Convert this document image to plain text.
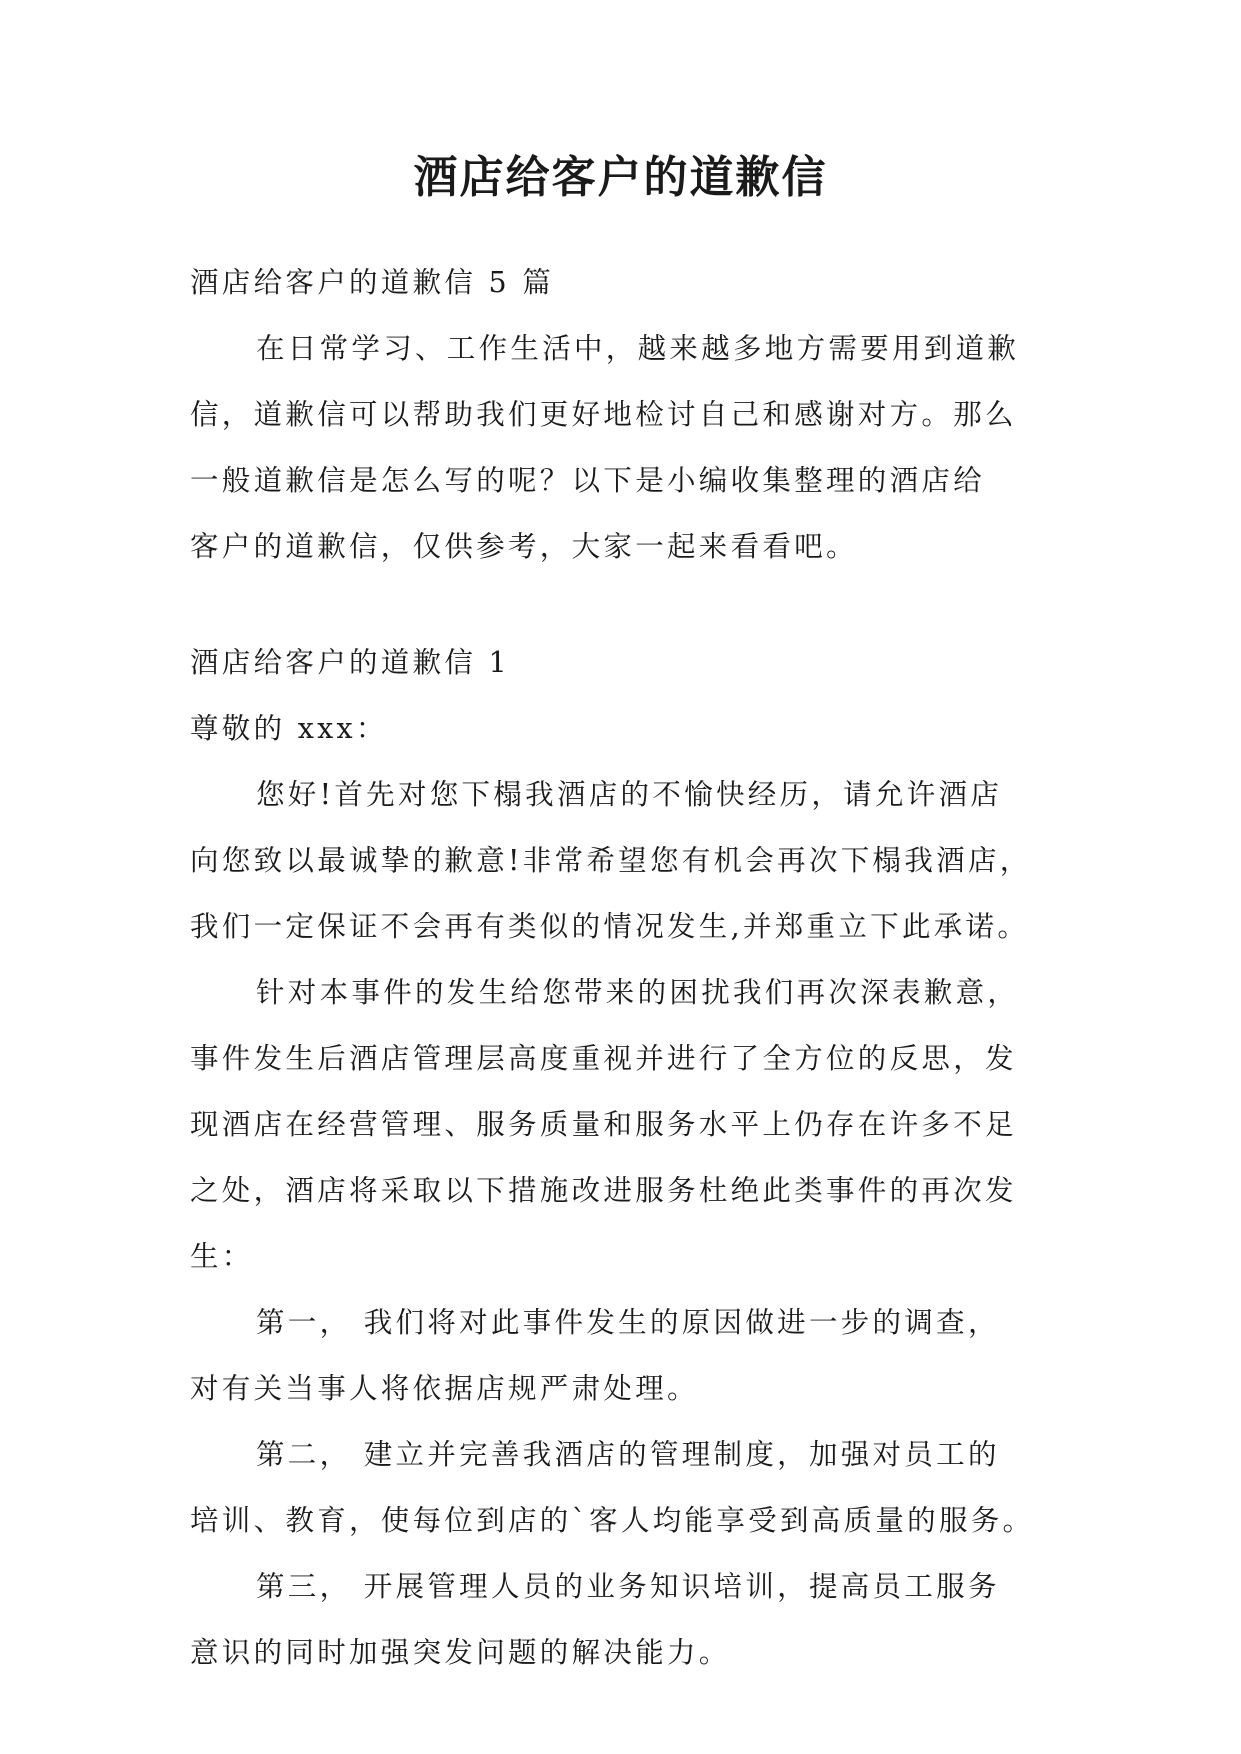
酒店给客户的道歉信
酒店给客户的道歉信 5 篇
在日常学习、工作生活中，越来越多地方需要用到道歉
信，道歉信可以帮助我们更好地检讨自己和感谢对方。那么
一般道歉信是怎么写的呢？以下是小编收集整理的酒店给
客户的道歉信，仅供参考，大家一起来看看吧。
酒店给客户的道歉信 1
尊敬的 xxx：
您好!首先对您下榻我酒店的不愉快经历，请允许酒店
向您致以最诚挚的歉意!非常希望您有机会再次下榻我酒店，
我们一定保证不会再有类似的情况发生,并郑重立下此承诺。
针对本事件的发生给您带来的困扰我们再次深表歉意，
事件发生后酒店管理层高度重视并进行了全方位的反思，发
现酒店在经营管理、服务质量和服务水平上仍存在许多不足
之处，酒店将采取以下措施改进服务杜绝此类事件的再次发
生：
第一， 我们将对此事件发生的原因做进一步的调查，
对有关当事人将依据店规严肃处理。
第二， 建立并完善我酒店的管理制度，加强对员工的
培训、教育，使每位到店的`客人均能享受到高质量的服务。
第三， 开展管理人员的业务知识培训，提高员工服务
意识的同时加强突发问题的解决能力。
